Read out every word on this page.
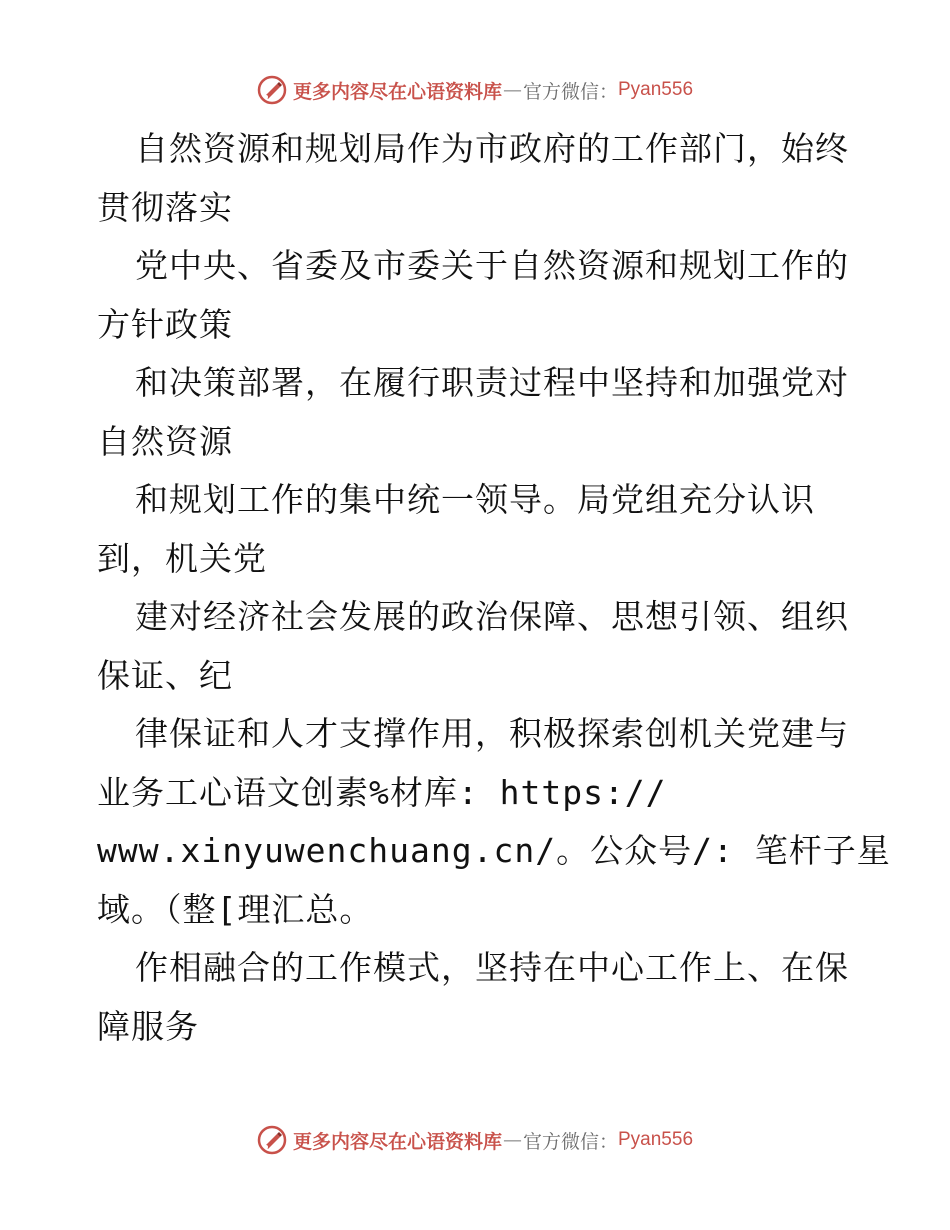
更多内容尽在心语资料库 — 官方微信： Pyan556
自然资源和规划局作为市政府的工作部门，始终
贯彻落实
党中央、省委及市委关于自然资源和规划工作的
方针政策
和决策部署，在履行职责过程中坚持和加强党对
自然资源
和规划工作的集中统一领导。局党组充分认识
到，机关党
建对经济社会发展的政治保障、思想引领、组织
保证、纪
律保证和人才支撑作用，积极探索创机关党建与
业务工心语文创素%材库: https://
www.xinyuwenchuang.cn/。公众号/: 笔杆子星
域。（整[理汇总。
作相融合的工作模式，坚持在中心工作上、在保
障服务
更多内容尽在心语资料库 — 官方微信： Pyan556
